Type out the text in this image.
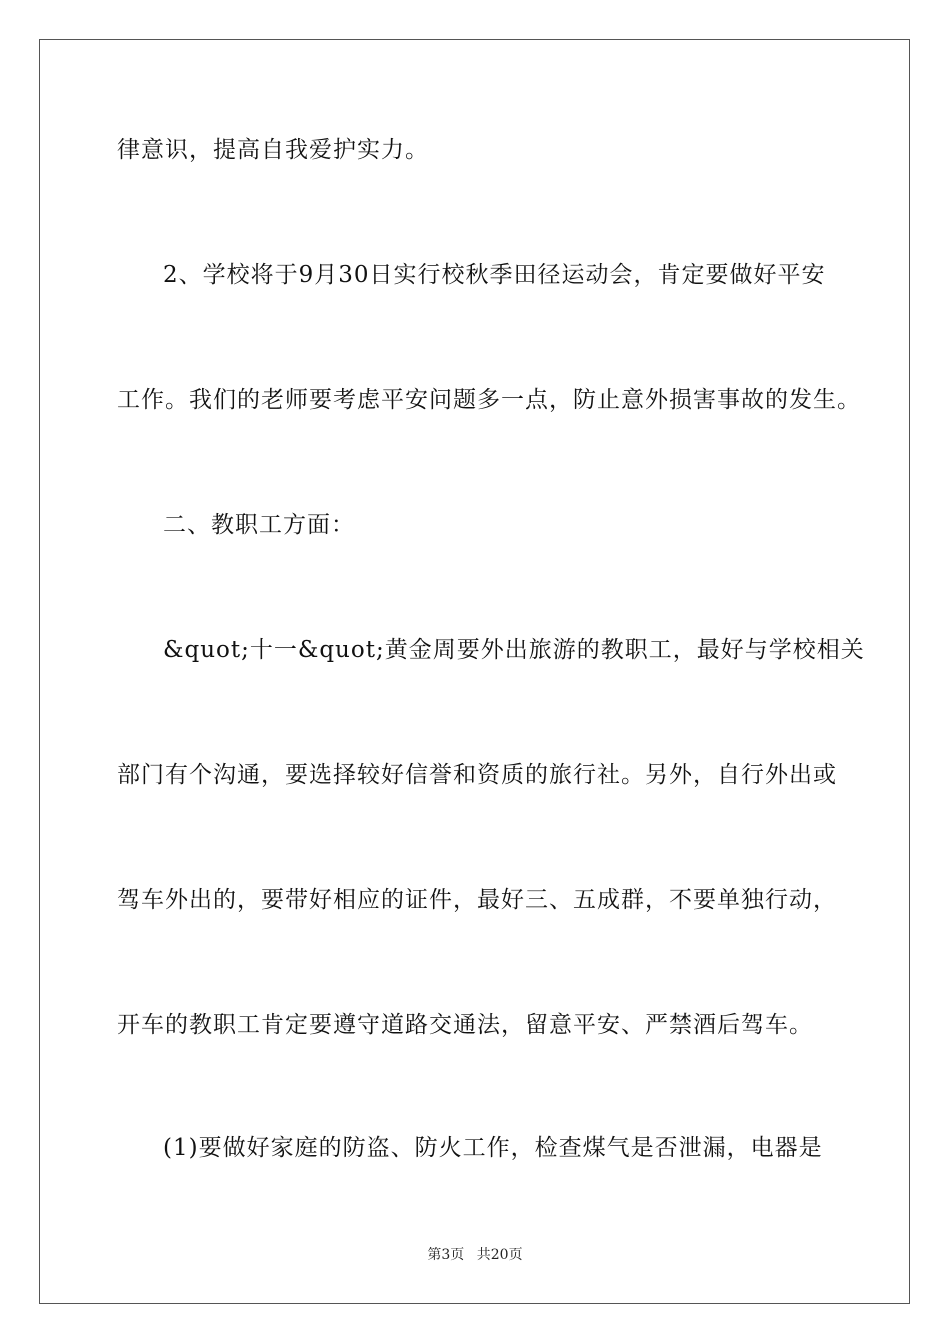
律意识，提高自我爱护实力。
2、学校将于9月30日实行校秋季田径运动会，肯定要做好平安
工作。我们的老师要考虑平安问题多一点，防止意外损害事故的发生。
二、教职工方面：
&quot;十一&quot;黄金周要外出旅游的教职工，最好与学校相关
部门有个沟通，要选择较好信誉和资质的旅行社。另外，自行外出或
驾车外出的，要带好相应的证件，最好三、五成群，不要单独行动，
开车的教职工肯定要遵守道路交通法，留意平安、严禁酒后驾车。
(1)要做好家庭的防盗、防火工作，检查煤气是否泄漏，电器是
第3页 共20页
